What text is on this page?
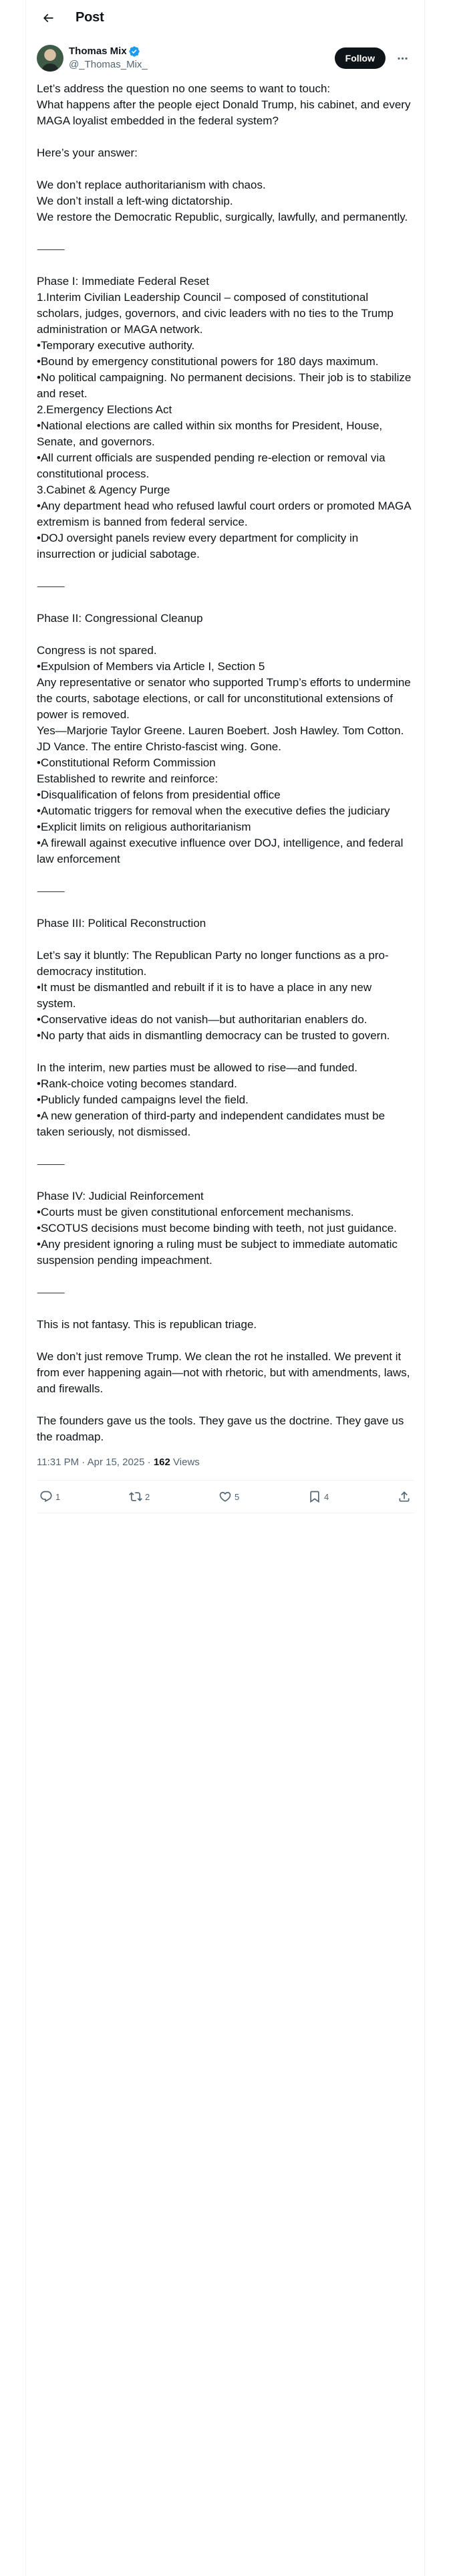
Post
Thomas Mix
@_Thomas_Mix_
Follow

Let’s address the question no one seems to want to touch:
What happens after the people eject Donald Trump, his cabinet, and every MAGA loyalist embedded in the federal system?

Here’s your answer:

We don’t replace authoritarianism with chaos.
We don’t install a left-wing dictatorship.
We restore the Democratic Republic, surgically, lawfully, and permanently.

⸻

Phase I: Immediate Federal Reset
1.Interim Civilian Leadership Council – composed of constitutional scholars, judges, governors, and civic leaders with no ties to the Trump administration or MAGA network.
•Temporary executive authority.
•Bound by emergency constitutional powers for 180 days maximum.
•No political campaigning. No permanent decisions. Their job is to stabilize and reset.
2.Emergency Elections Act
•National elections are called within six months for President, House, Senate, and governors.
•All current officials are suspended pending re-election or removal via constitutional process.
3.Cabinet & Agency Purge
•Any department head who refused lawful court orders or promoted MAGA extremism is banned from federal service.
•DOJ oversight panels review every department for complicity in insurrection or judicial sabotage.

⸻

Phase II: Congressional Cleanup

Congress is not spared.
•Expulsion of Members via Article I, Section 5
Any representative or senator who supported Trump’s efforts to undermine the courts, sabotage elections, or call for unconstitutional extensions of power is removed.
Yes—Marjorie Taylor Greene. Lauren Boebert. Josh Hawley. Tom Cotton. JD Vance. The entire Christo-fascist wing. Gone.
•Constitutional Reform Commission
Established to rewrite and reinforce:
•Disqualification of felons from presidential office
•Automatic triggers for removal when the executive defies the judiciary
•Explicit limits on religious authoritarianism
•A firewall against executive influence over DOJ, intelligence, and federal law enforcement

⸻

Phase III: Political Reconstruction

Let’s say it bluntly: The Republican Party no longer functions as a pro-democracy institution.
•It must be dismantled and rebuilt if it is to have a place in any new system.
•Conservative ideas do not vanish—but authoritarian enablers do.
•No party that aids in dismantling democracy can be trusted to govern.

In the interim, new parties must be allowed to rise—and funded.
•Rank-choice voting becomes standard.
•Publicly funded campaigns level the field.
•A new generation of third-party and independent candidates must be taken seriously, not dismissed.

⸻

Phase IV: Judicial Reinforcement
•Courts must be given constitutional enforcement mechanisms.
•SCOTUS decisions must become binding with teeth, not just guidance.
•Any president ignoring a ruling must be subject to immediate automatic suspension pending impeachment.

⸻

This is not fantasy. This is republican triage.

We don’t just remove Trump. We clean the rot he installed. We prevent it from ever happening again—not with rhetoric, but with amendments, laws, and firewalls.

The founders gave us the tools. They gave us the doctrine. They gave us the roadmap.

11:31 PM · Apr 15, 2025 · 162 Views
1	2	5	4
